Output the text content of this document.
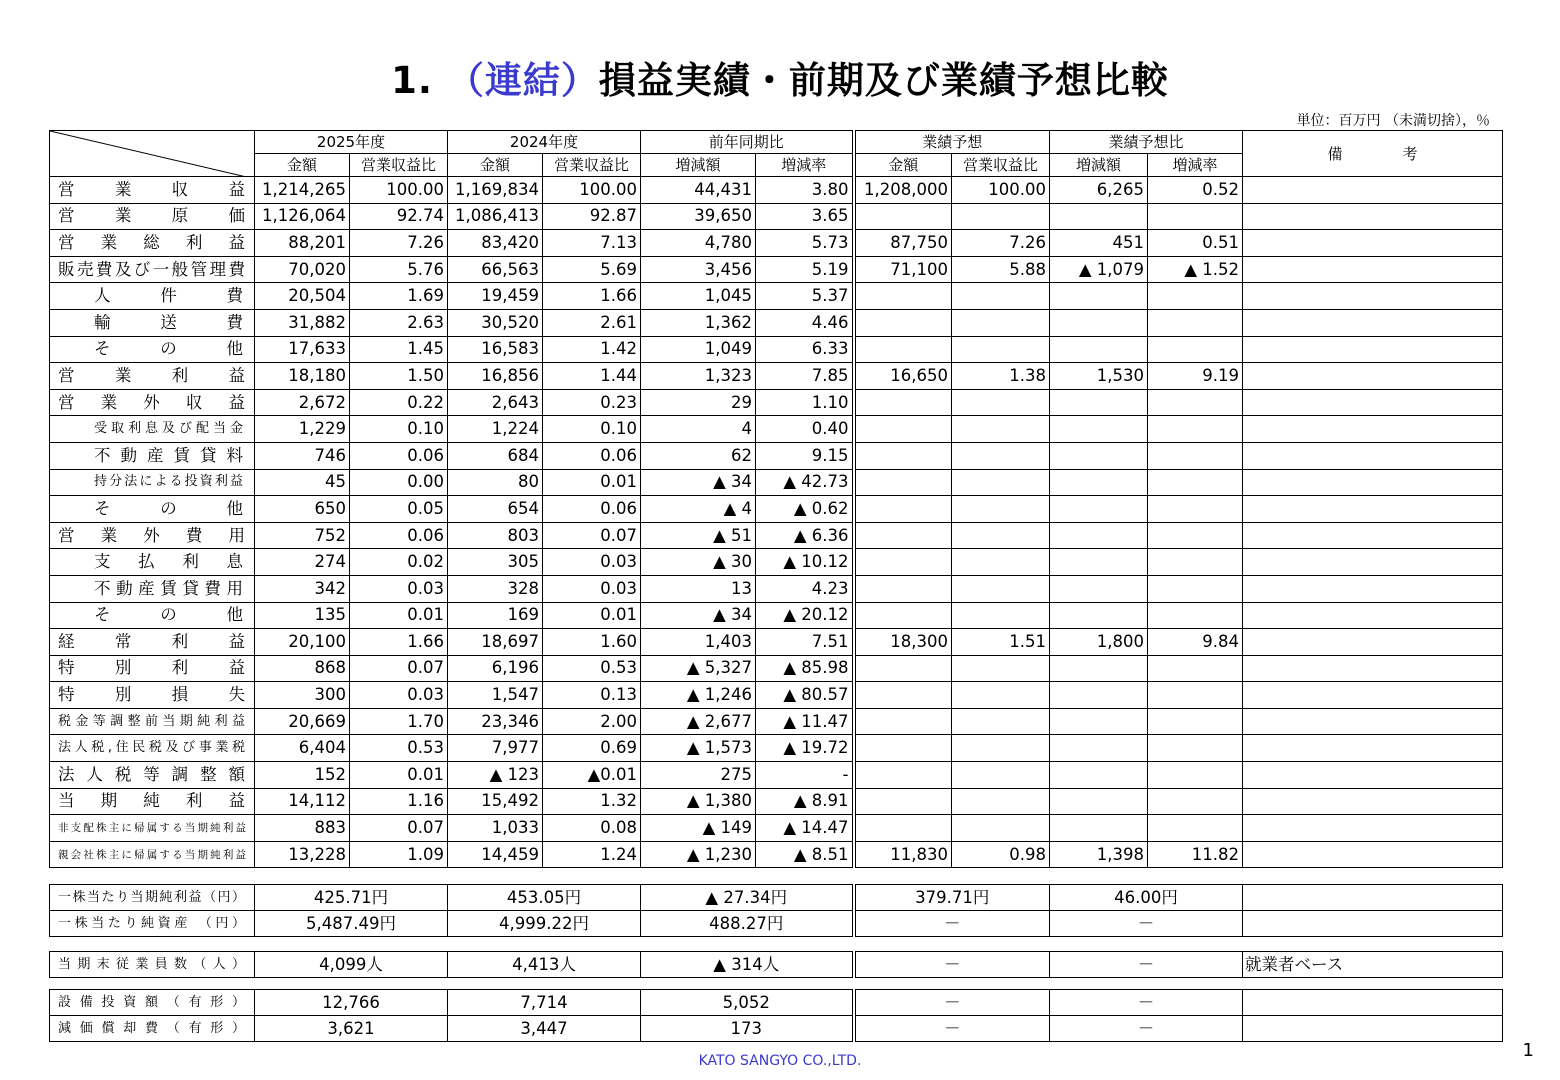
1. （連結）損益実績・前期及び業績予想比較
単位：百万円 （未満切捨），％
	2025年度		2024年度		前年同期比		業績予想		業績予想比		備　　　　考
	金額	営業収益比	金額	営業収益比	増減額	増減率	金額	営業収益比	増減額	増減率	
営業収益	1,214,265	100.00	1,169,834	100.00	44,431	3.80	1,208,000	100.00	6,265	0.52	
営業原価	1,126,064	92.74	1,086,413	92.87	39,650	3.65					
営業総利益	88,201	7.26	83,420	7.13	4,780	5.73	87,750	7.26	451	0.51	
販売費及び一般管理費	70,020	5.76	66,563	5.69	3,456	5.19	71,100	5.88	▲ 1,079	▲ 1.52	
人件費	20,504	1.69	19,459	1.66	1,045	5.37					
輸送費	31,882	2.63	30,520	2.61	1,362	4.46					
その他	17,633	1.45	16,583	1.42	1,049	6.33					
営業利益	18,180	1.50	16,856	1.44	1,323	7.85	16,650	1.38	1,530	9.19	
営業外収益	2,672	0.22	2,643	0.23	29	1.10					
受取利息及び配当金	1,229	0.10	1,224	0.10	4	0.40					
不動産賃貸料	746	0.06	684	0.06	62	9.15					
持分法による投資利益	45	0.00	80	0.01	▲ 34	▲ 42.73					
その他	650	0.05	654	0.06	▲ 4	▲ 0.62					
営業外費用	752	0.06	803	0.07	▲ 51	▲ 6.36					
支払利息	274	0.02	305	0.03	▲ 30	▲ 10.12					
不動産賃貸費用	342	0.03	328	0.03	13	4.23					
その他	135	0.01	169	0.01	▲ 34	▲ 20.12					
経常利益	20,100	1.66	18,697	1.60	1,403	7.51	18,300	1.51	1,800	9.84	
特別利益	868	0.07	6,196	0.53	▲ 5,327	▲ 85.98					
特別損失	300	0.03	1,547	0.13	▲ 1,246	▲ 80.57					
税金等調整前当期純利益	20,669	1.70	23,346	2.00	▲ 2,677	▲ 11.47					
法人税,住民税及び事業税	6,404	0.53	7,977	0.69	▲ 1,573	▲ 19.72					
法人税等調整額	152	0.01	▲ 123	▲0.01	275	-					
当期純利益	14,112	1.16	15,492	1.32	▲ 1,380	▲ 8.91					
非支配株主に帰属する当期純利益	883	0.07	1,033	0.08	▲ 149	▲ 14.47					
親会社株主に帰属する当期純利益	13,228	1.09	14,459	1.24	▲ 1,230	▲ 8.51	11,830	0.98	1,398	11.82	
一株当たり当期純利益（円）	425.71円	453.05円	▲ 27.34円	379.71円	46.00円	
一株当たり純資産 （円）	5,487.49円	4,999.22円	488.27円	－	－	
当期末従業員数（人）	4,099人	4,413人	▲ 314人	－	－	就業者ベース
設備投資額（有形）	12,766	7,714	5,052	－	－	
減価償却費（有形）	3,621	3,447	173	－	－	
1
KATO SANGYO CO.,LTD.
